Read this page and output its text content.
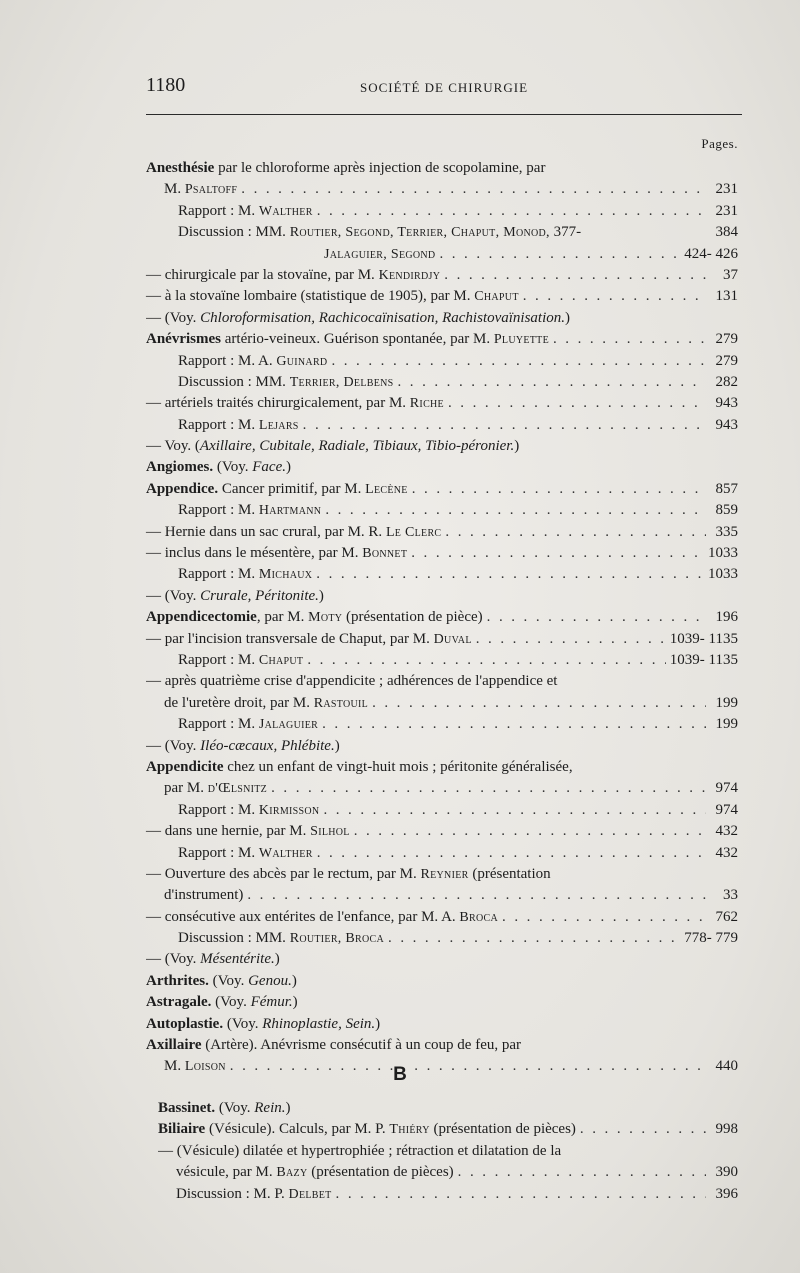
1180	SOCIÉTÉ DE CHIRURGIE
Pages.
Anesthésie par le chloroforme après injection de scopolamine, par
M. Psaltoff . . .	231
Rapport : M. Walther . . .	231
Discussion : MM. Routier, Segond, Terrier, Chaput, Monod, 377-	384
Jalaguier, Segond . . .	424- 426
— chirurgicale par la stovaïne, par M. Kendirdjy . . .	37
— à la stovaïne lombaire (statistique de 1905), par M. Chaput . . .	131
— (Voy. Chloroformisation, Rachicocaïnisation, Rachistovaïnisation.)
Anévrismes artério-veineux. Guérison spontanée, par M. Pluyette . . .	279
Rapport : M. A. Guinard . . .	279
Discussion : MM. Terrier, Delbens . . .	282
— artériels traités chirurgicalement, par M. Riche . . .	943
Rapport : M. Lejars . . .	943
— Voy. (Axillaire, Cubitale, Radiale, Tibiaux, Tibio-péronier.)
Angiomes. (Voy. Face.)
Appendice. Cancer primitif, par M. Lecène . . .	857
Rapport : M. Hartmann . . .	859
— Hernie dans un sac crural, par M. R. Le Clerc . . .	335
— inclus dans le mésentère, par M. Bonnet . . .	1033
Rapport : M. Michaux . . .	1033
— (Voy. Crurale, Péritonite.)
Appendicectomie, par M. Moty (présentation de pièce) . . .	196
— par l'incision transversale de Chaput, par M. Duval . . .	1039- 1135
Rapport : M. Chaput . . .	1039- 1135
— après quatrième crise d'appendicite ; adhérences de l'appendice et
de l'uretère droit, par M. Rastouil . . .	199
Rapport : M. Jalaguier . . .	199
— (Voy. Iléo-cæcaux, Phlébite.)
Appendicite chez un enfant de vingt-huit mois ; péritonite généralisée,
par M. d'Œlsnitz . . .	974
Rapport : M. Kirmisson . . .	974
— dans une hernie, par M. Silhol . . .	432
Rapport : M. Walther . . .	432
— Ouverture des abcès par le rectum, par M. Reynier (présentation
d'instrument) . . .	33
— consécutive aux entérites de l'enfance, par M. A. Broca . . .	762
Discussion : MM. Routier, Broca . . .	778- 779
— (Voy. Mésentérite.)
Arthrites. (Voy. Genou.)
Astragale. (Voy. Fémur.)
Autoplastie. (Voy. Rhinoplastie, Sein.)
Axillaire (Artère). Anévrisme consécutif à un coup de feu, par
M. Loison . . .	440
B
Bassinet. (Voy. Rein.)
Biliaire (Vésicule). Calculs, par M. P. Thiéry (présentation de pièces) . . .	998
— (Vésicule) dilatée et hypertrophiée ; rétraction et dilatation de la
vésicule, par M. Bazy (présentation de pièces) . . .	390
Discussion : M. P. Delbet . . .	396
